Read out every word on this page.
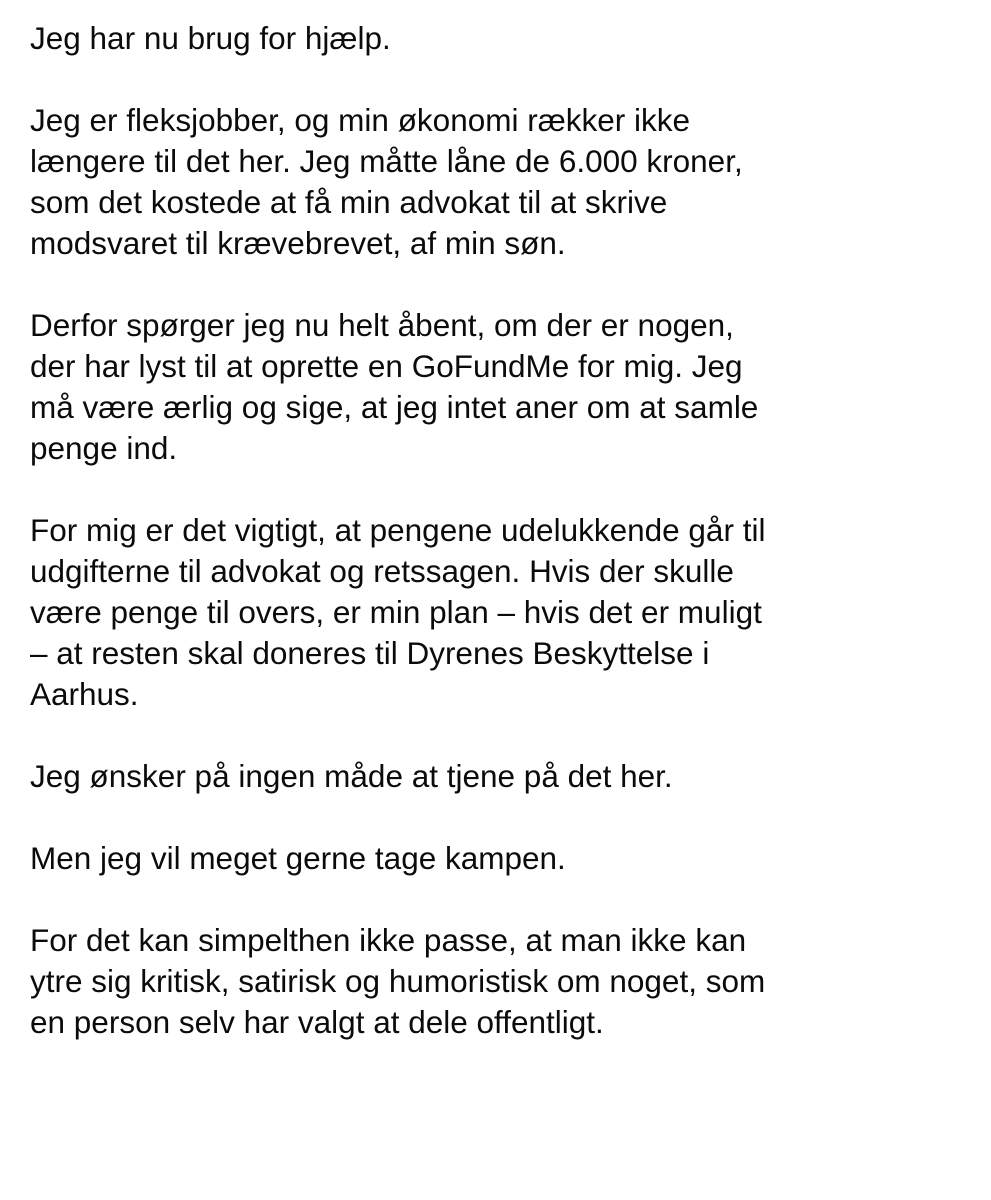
Jeg har nu brug for hjælp.

Jeg er fleksjobber, og min økonomi rækker ikke
længere til det her. Jeg måtte låne de 6.000 kroner,
som det kostede at få min advokat til at skrive
modsvaret til krævebrevet, af min søn.

Derfor spørger jeg nu helt åbent, om der er nogen,
der har lyst til at oprette en GoFundMe for mig. Jeg
må være ærlig og sige, at jeg intet aner om at samle
penge ind.

For mig er det vigtigt, at pengene udelukkende går til
udgifterne til advokat og retssagen. Hvis der skulle
være penge til overs, er min plan – hvis det er muligt
– at resten skal doneres til Dyrenes Beskyttelse i
Aarhus.

Jeg ønsker på ingen måde at tjene på det her.

Men jeg vil meget gerne tage kampen.

For det kan simpelthen ikke passe, at man ikke kan
ytre sig kritisk, satirisk og humoristisk om noget, som
en person selv har valgt at dele offentligt.
